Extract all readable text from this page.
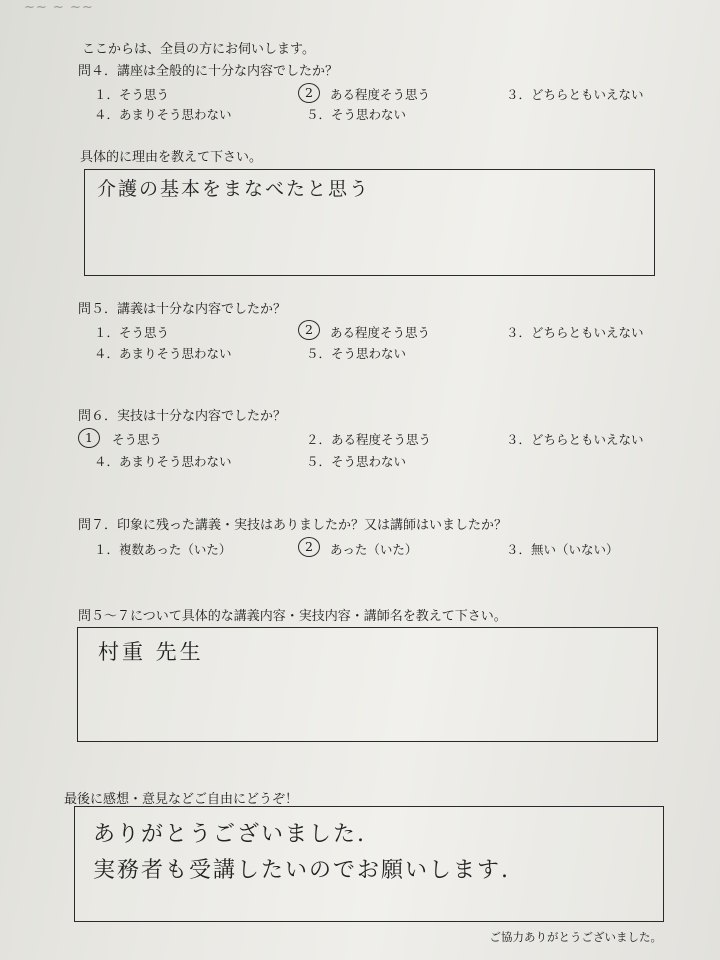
~~ ~ ~~
ここからは、全員の方にお伺いします。
問４．講座は全般的に十分な内容でしたか？
１．そう思う	2 ある程度そう思う	３．どちらともいえない
４．あまりそう思わない	５．そう思わない
具体的に理由を教えて下さい。
介護の基本をまなべたと思う
問５．講義は十分な内容でしたか？
１．そう思う	2 ある程度そう思う	３．どちらともいえない
４．あまりそう思わない	５．そう思わない
問６．実技は十分な内容でしたか？
1 そう思う	２．ある程度そう思う	３．どちらともいえない
４．あまりそう思わない	５．そう思わない
問７．印象に残った講義・実技はありましたか？又は講師はいましたか？
１．複数あった（いた）	2 あった（いた）	３．無い（いない）
問５～７について具体的な講義内容・実技内容・講師名を教えて下さい。
村重 先生
最後に感想・意見などご自由にどうぞ！
ありがとうございました.
実務者も受講したいのでお願いします.
ご協力ありがとうございました。
